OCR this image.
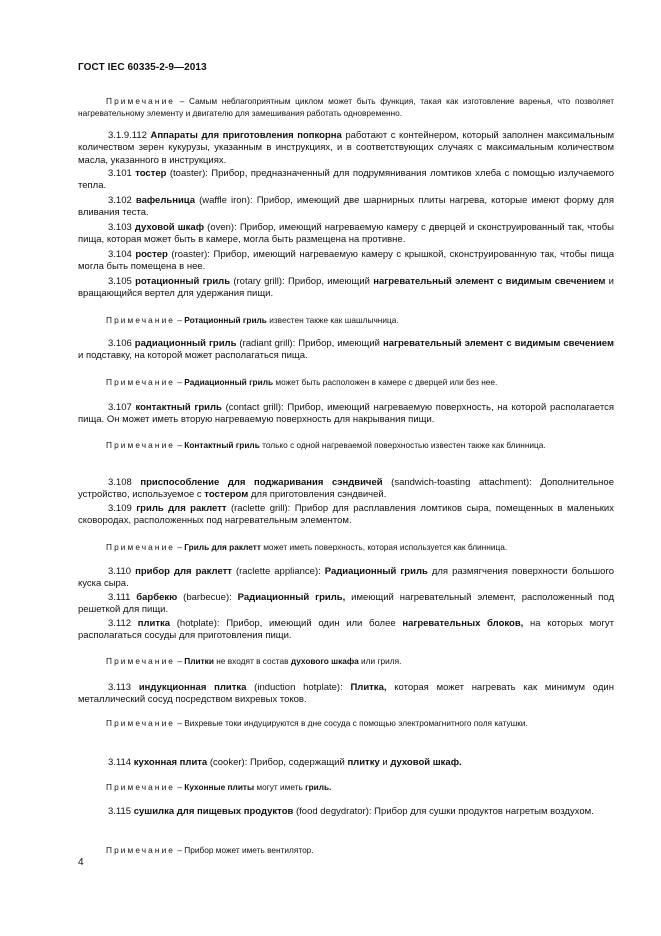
ГОСТ IEC 60335-2-9—2013

Примечание – Самым неблагоприятным циклом может быть функция, такая как изготовление варенья, что позволяет нагревательному элементу и двигателю для замешивания работать одновременно.

3.1.9.112 Аппараты для приготовления попкорна работают с контейнером, который заполнен максимальным количеством зерен кукурузы, указанным в инструкциях, и в соответствующих случаях с максимальным количеством масла, указанного в инструкциях.

3.101 тостер (toaster): Прибор, предназначенный для подрумянивания ломтиков хлеба с помощью излучаемого тепла.

3.102 вафельница (waffle iron): Прибор, имеющий две шарнирных плиты нагрева, которые имеют форму для вливания теста.

3.103 духовой шкаф (oven): Прибор, имеющий нагреваемую камеру с дверцей и сконструированный так, чтобы пища, которая может быть в камере, могла быть размещена на противне.

3.104 ростер (roaster): Прибор, имеющий нагреваемую камеру с крышкой, сконструированную так, чтобы пища могла быть помещена в нее.

3.105 ротационный гриль (rotary grill): Прибор, имеющий нагревательный элемент с видимым свечением и вращающийся вертел для удержания пищи.

Примечание – Ротационный гриль известен также как шашлычница.

3.106 радиационный гриль (radiant grill): Прибор, имеющий нагревательный элемент с видимым свечением и подставку, на которой может располагаться пища.

Примечание – Радиационный гриль может быть расположен в камере с дверцей или без нее.

3.107 контактный гриль (contact grill): Прибор, имеющий нагреваемую поверхность, на которой располагается пища. Он может иметь вторую нагреваемую поверхность для накрывания пищи.

Примечание – Контактный гриль только с одной нагреваемой поверхностью известен также как блинница.

3.108 приспособление для поджаривания сэндвичей (sandwich-toasting attachment): Дополнительное устройство, используемое с тостером для приготовления сэндвичей.

3.109 гриль для раклетт (raclette grill): Прибор для расплавления ломтиков сыра, помещенных в маленьких сковородах, расположенных под нагревательным элементом.

Примечание – Гриль для раклетт может иметь поверхность, которая используется как блинница.

3.110 прибор для раклетт (raclette appliance): Радиационный гриль для размягчения поверхности большого куска сыра.

3.111 барбекю (barbecue): Радиационный гриль, имеющий нагревательный элемент, расположенный под решеткой для пищи.

3.112 плитка (hotplate): Прибор, имеющий один или более нагревательных блоков, на которых могут располагаться сосуды для приготовления пищи.

Примечание – Плитки не входят в состав духового шкафа или гриля.

3.113 индукционная плитка (induction hotplate): Плитка, которая может нагревать как минимум один металлический сосуд посредством вихревых токов.

Примечание – Вихревые токи индуцируются в дне сосуда с помощью электромагнитного поля катушки.

3.114 кухонная плита (cooker): Прибор, содержащий плитку и духовой шкаф.

Примечание – Кухонные плиты могут иметь гриль.

3.115 сушилка для пищевых продуктов (food degydrator): Прибор для сушки продуктов нагретым воздухом.

Примечание – Прибор может иметь вентилятор.

4
